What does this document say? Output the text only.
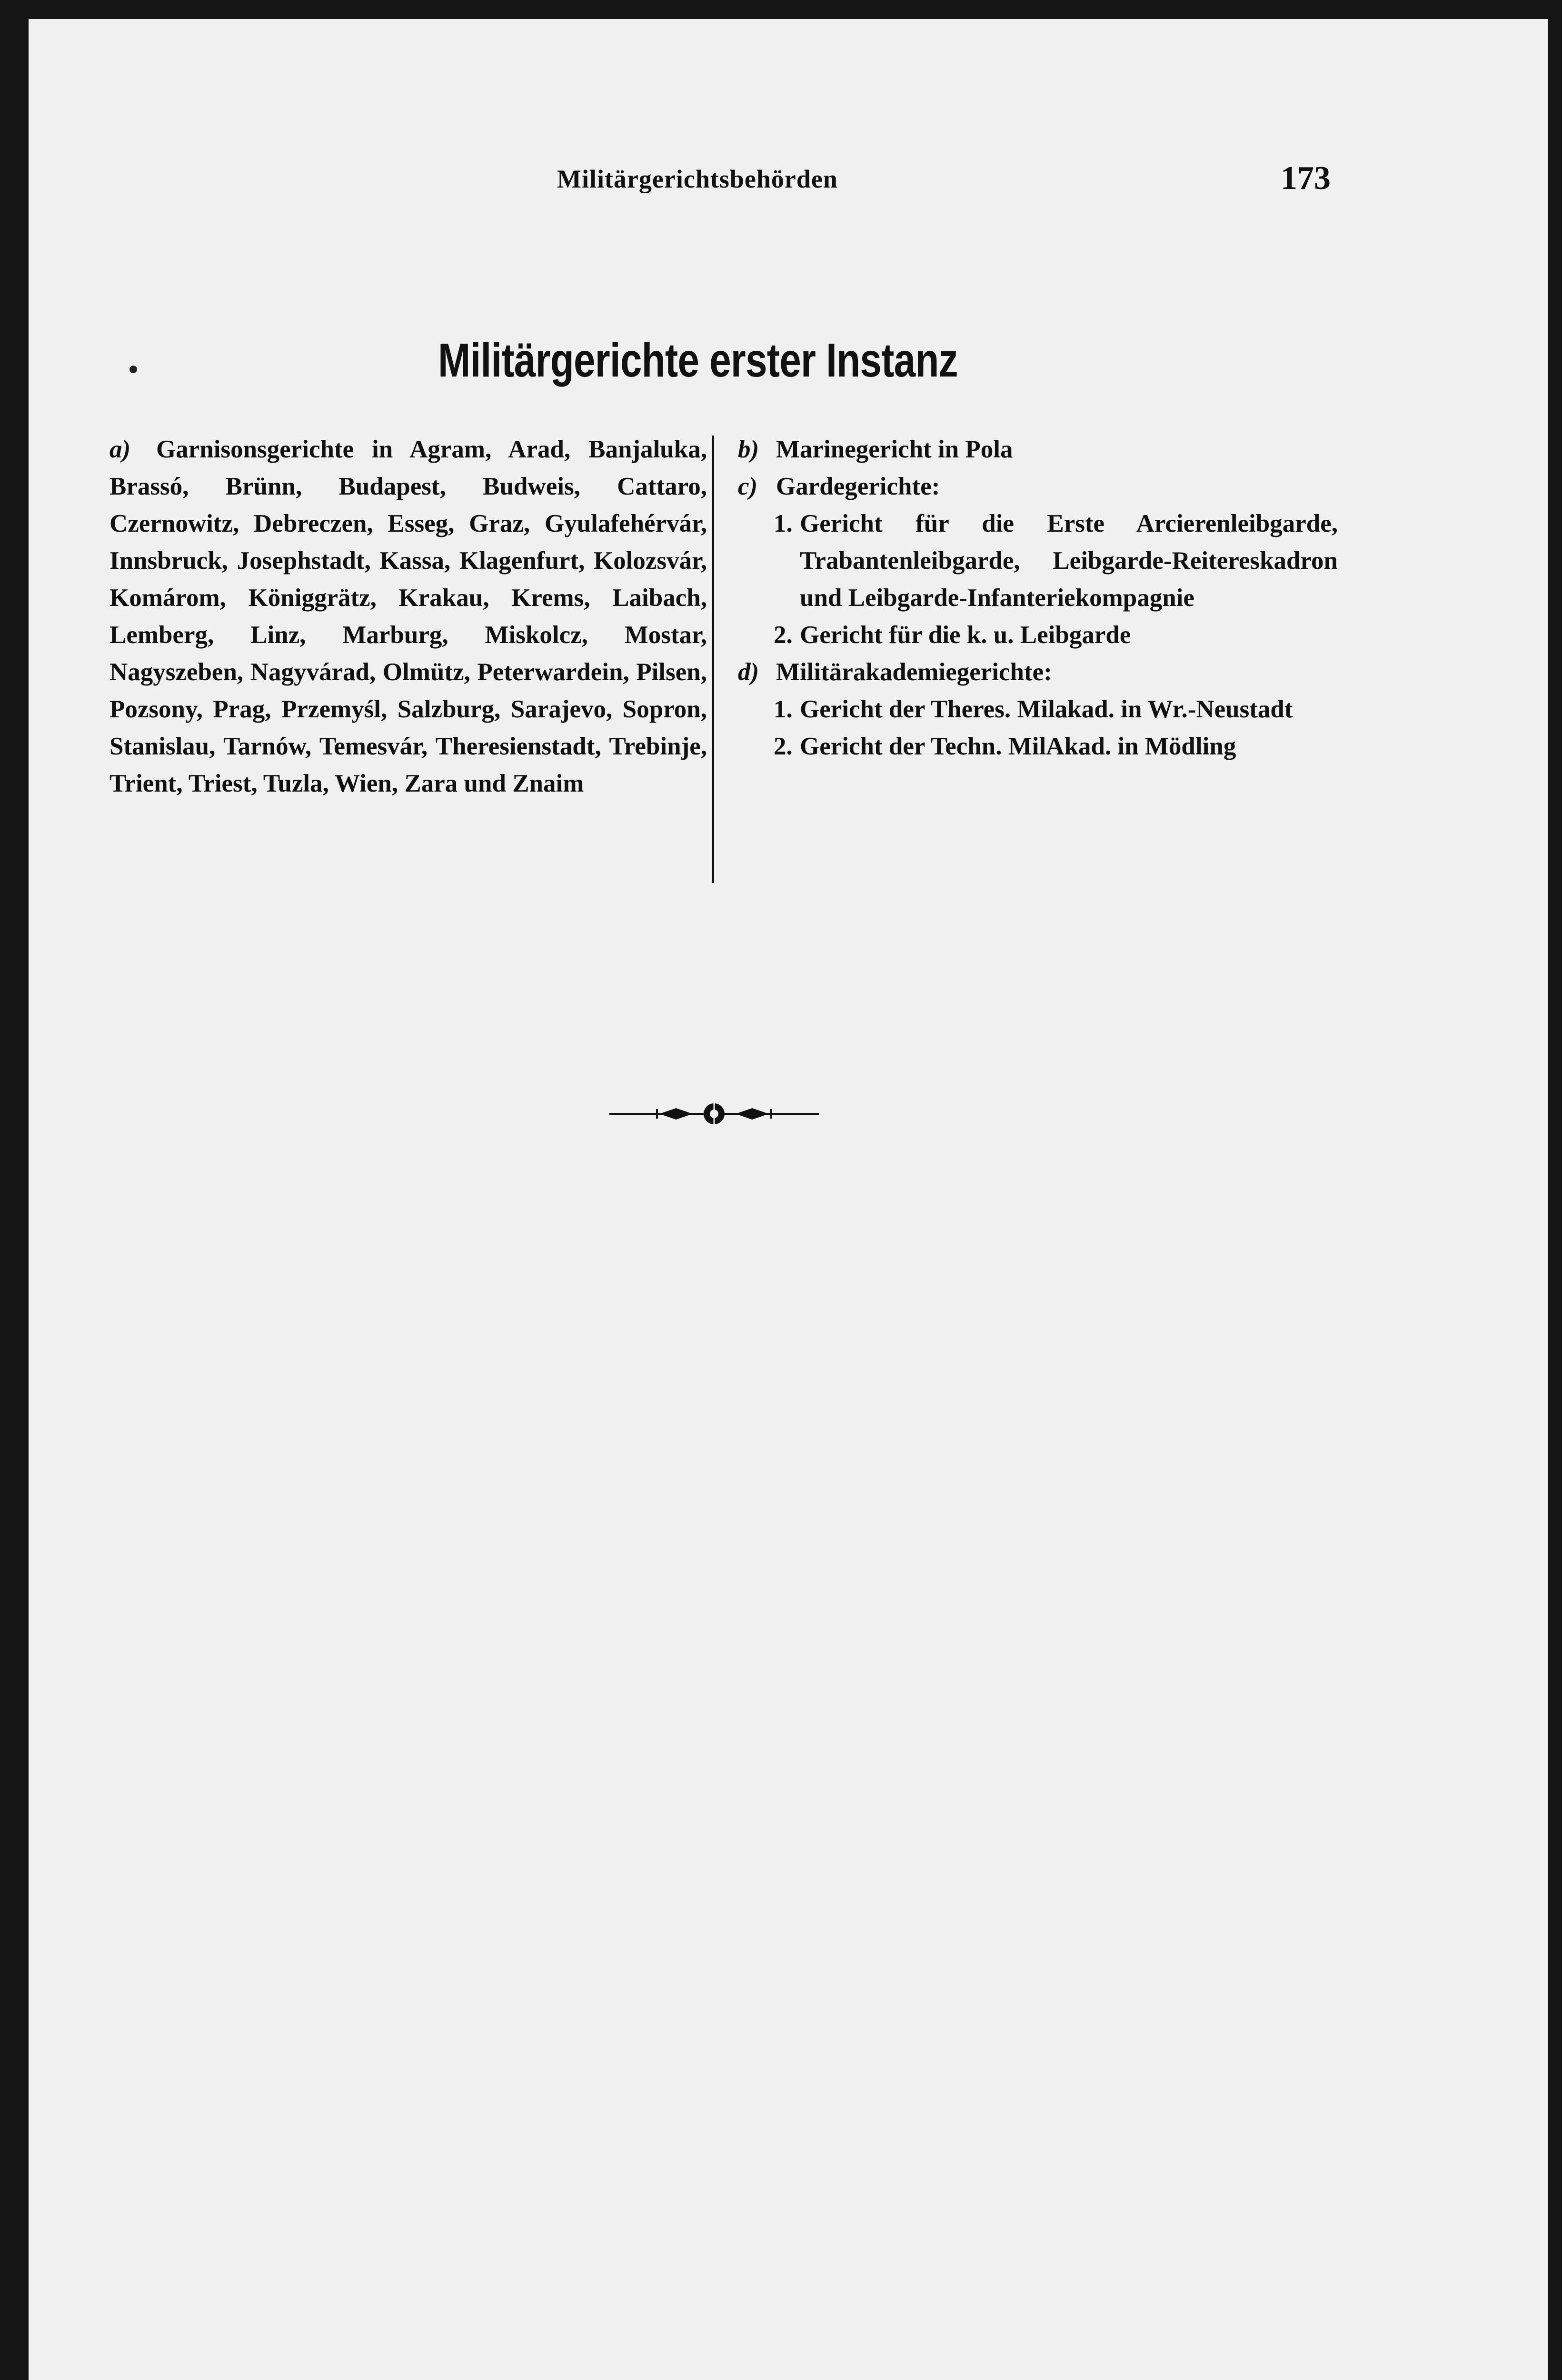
Militärgerichtsbehörden	173
Militärgerichte erster Instanz
a) Garnisonsgerichte in Agram, Arad, Banjaluka, Brassó, Brünn, Budapest, Budweis, Cattaro, Czernowitz, Debreczen, Esseg, Graz, Gyulafehérvár, Innsbruck, Josephstadt, Kassa, Klagenfurt, Kolozsvár, Komárom, Königgrätz, Krakau, Krems, Laibach, Lemberg, Linz, Marburg, Miskolcz, Mostar, Nagyszeben, Nagyvárad, Olmütz, Peterwardein, Pilsen, Pozsony, Prag, Przemyśl, Salzburg, Sarajevo, Sopron, Stanislau, Tarnów, Temesvár, Theresienstadt, Trebinje, Trient, Triest, Tuzla, Wien, Zara und Znaim
b) Marinegericht in Pola
c) Gardegerichte:
1. Gericht für die Erste Arcierenleibgarde, Trabantenleibgarde, Leibgarde-Reitereskadron und Leibgarde-Infanteriekompagnie
2. Gericht für die k. u. Leibgarde
d) Militärakademiegerichte:
1. Gericht der Theres. Milakad. in Wr.-Neustadt
2. Gericht der Techn. MilAkad. in Mödling
